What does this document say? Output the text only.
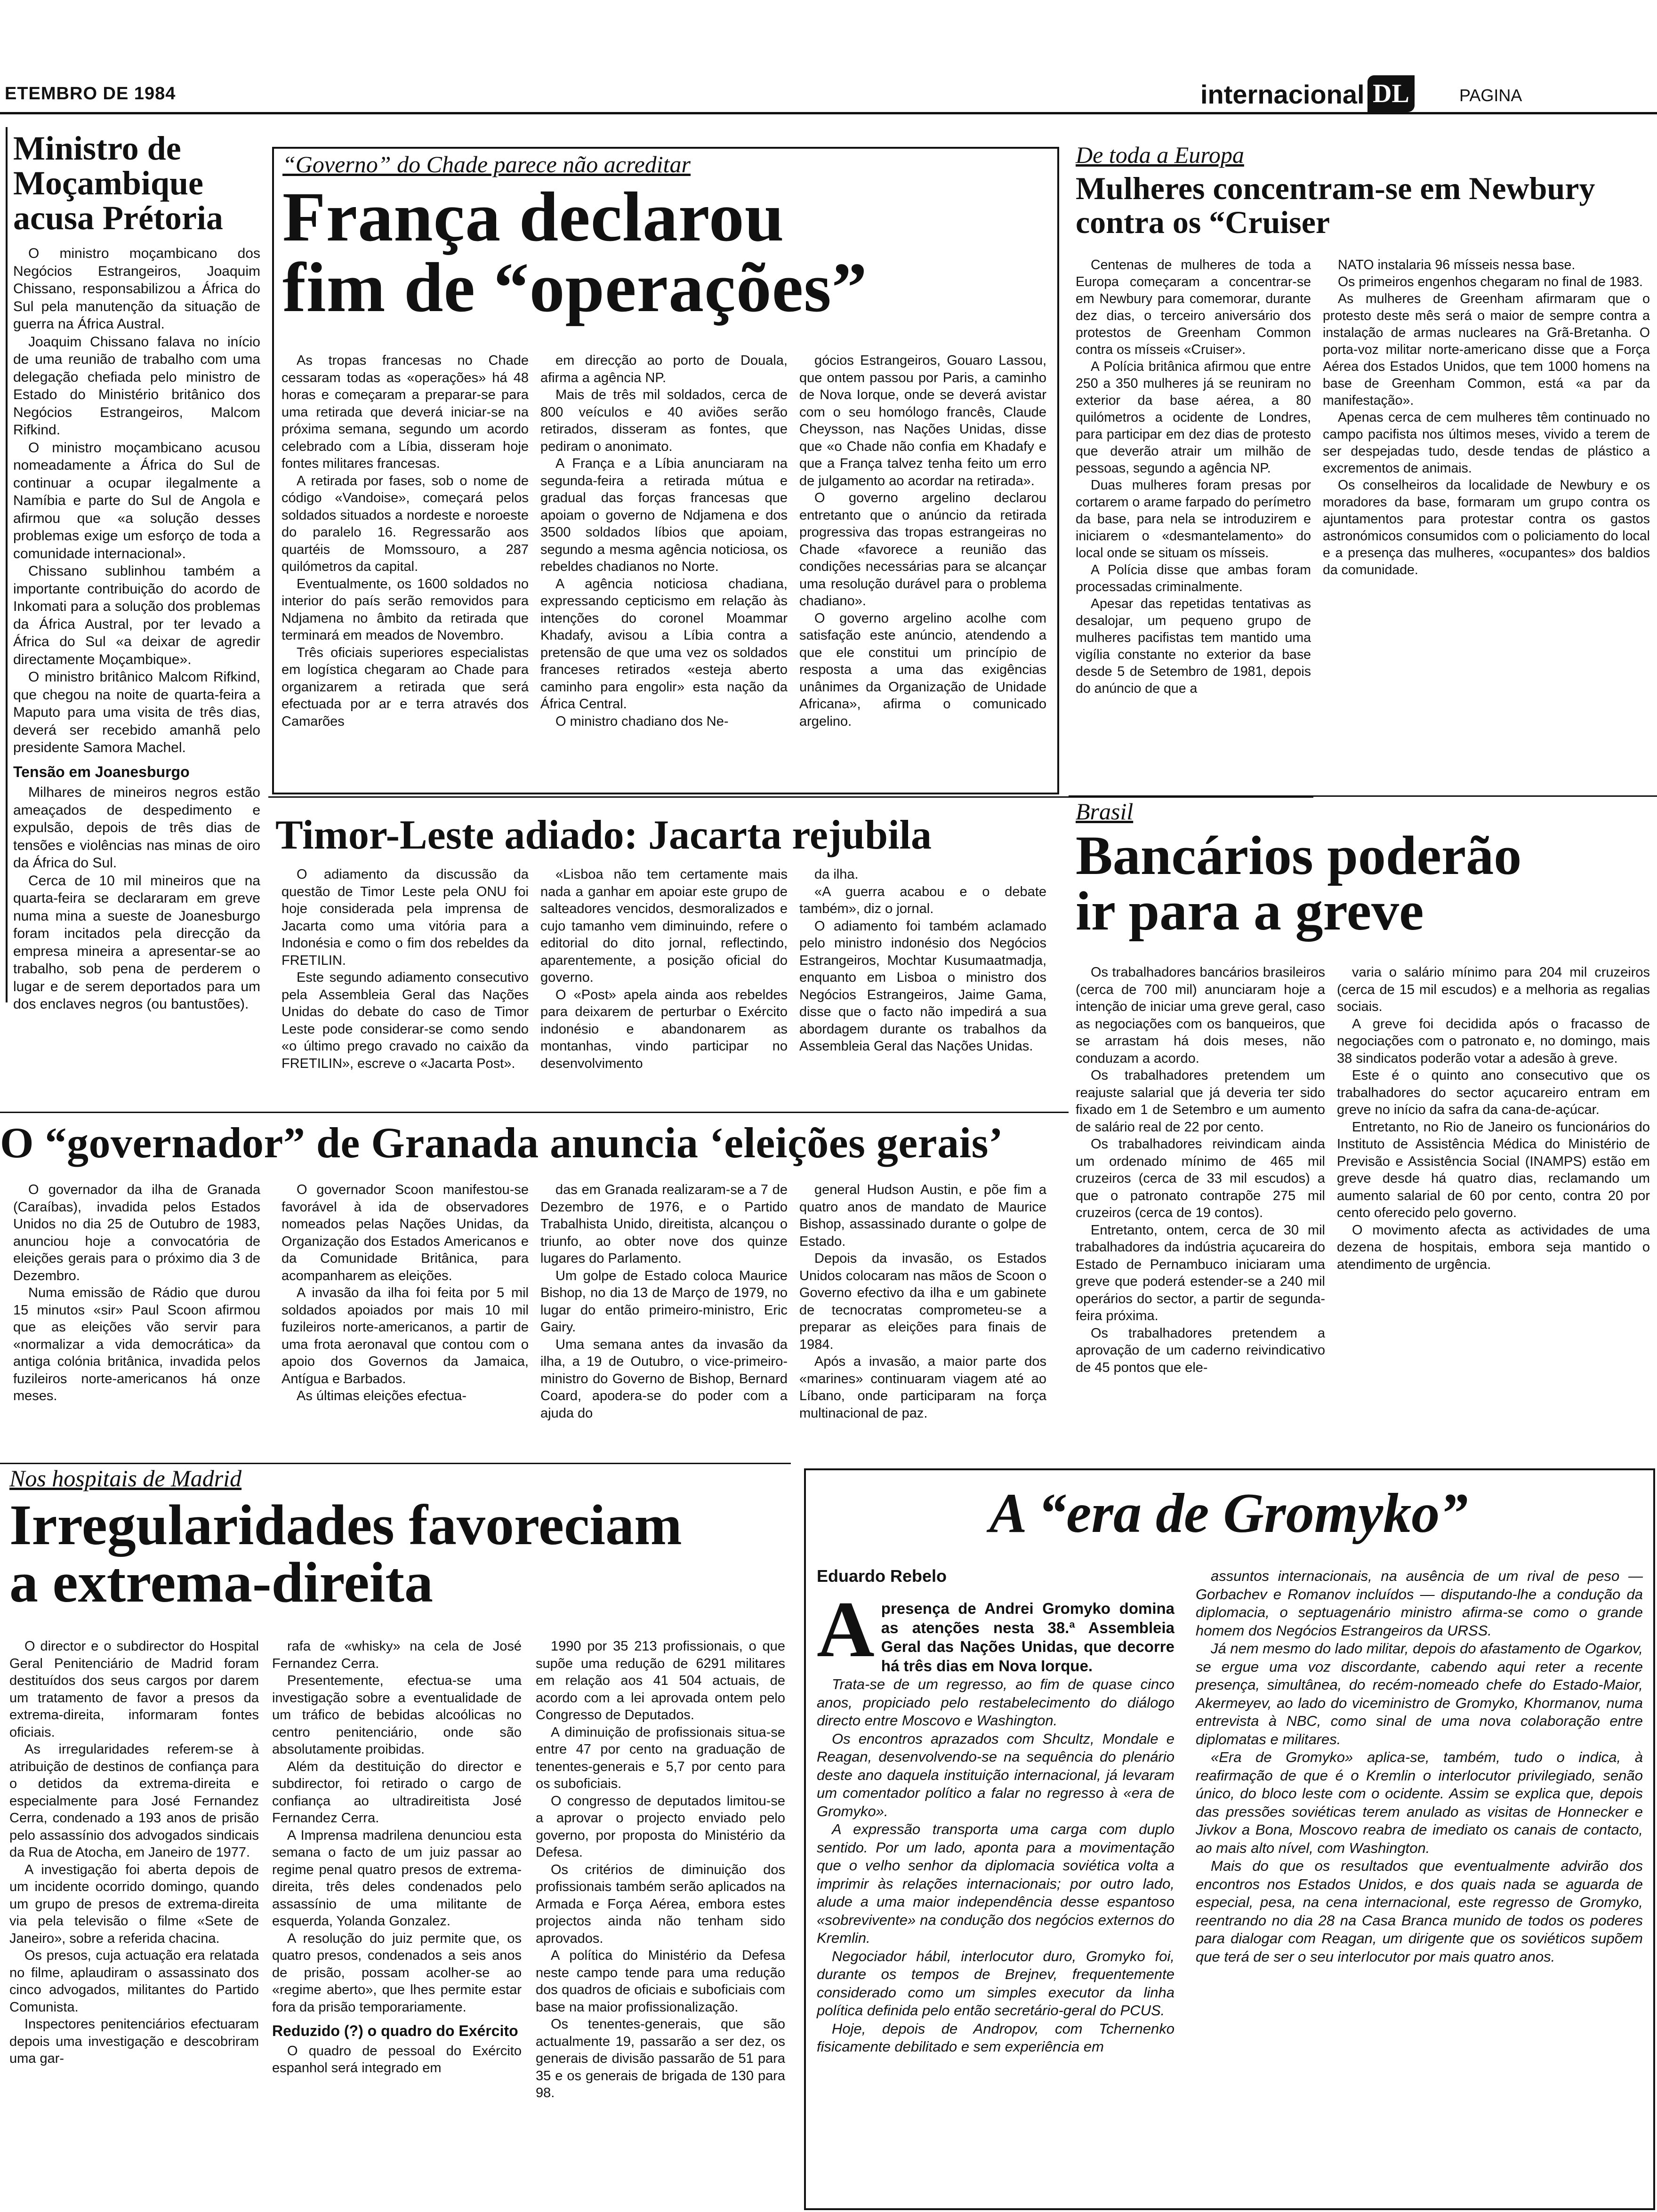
ETEMBRO DE 1984	internacional DL	PAGINA
Ministro de Moçambique acusa Prétoria

O ministro moçambicano dos Negócios Estrangeiros, Joaquim Chissano, responsabilizou a África do Sul pela manutenção da situação de guerra na África Austral.

Joaquim Chissano falava no início de uma reunião de trabalho com uma delegação chefiada pelo ministro de Estado do Ministério britânico dos Negócios Estrangeiros, Malcom Rifkind.

O ministro moçambicano acusou nomeadamente a África do Sul de continuar a ocupar ilegalmente a Namíbia e parte do Sul de Angola e afirmou que «a solução desses problemas exige um esforço de toda a comunidade internacional».

Chissano sublinhou também a importante contribuição do acordo de Inkomati para a solução dos problemas da África Austral, por ter levado a África do Sul «a deixar de agredir directamente Moçambique».

O ministro britânico Malcom Rifkind, que chegou na noite de quarta-feira a Maputo para uma visita de três dias, deverá ser recebido amanhã pelo presidente Samora Machel.

Tensão em Joanesburgo

Milhares de mineiros negros estão ameaçados de despedimento e expulsão, depois de três dias de tensões e violências nas minas de oiro da África do Sul.

Cerca de 10 mil mineiros que na quarta-feira se declararam em greve numa mina a sueste de Joanesburgo foram incitados pela direcção da empresa mineira a apresentar-se ao trabalho, sob pena de perderem o lugar e de serem deportados para um dos enclaves negros (ou bantustões).

“Governo” do Chade parece não acreditar
França declarou
fim de “operações”

As tropas francesas no Chade cessaram todas as «operações» há 48 horas e começaram a preparar-se para uma retirada que deverá iniciar-se na próxima semana, segundo um acordo celebrado com a Líbia, disseram hoje fontes militares francesas.

A retirada por fases, sob o nome de código «Vandoise», começará pelos soldados situados a nordeste e noroeste do paralelo 16. Regressarão aos quartéis de Momssouro, a 287 quilómetros da capital.

Eventualmente, os 1600 soldados no interior do país serão removidos para Ndjamena no âmbito da retirada que terminará em meados de Novembro.

Três oficiais superiores especialistas em logística chegaram ao Chade para organizarem a retirada que será efectuada por ar e terra através dos Camarões

em direcção ao porto de Douala, afirma a agência NP.

Mais de três mil soldados, cerca de 800 veículos e 40 aviões serão retirados, disseram as fontes, que pediram o anonimato.

A França e a Líbia anunciaram na segunda-feira a retirada mútua e gradual das forças francesas que apoiam o governo de Ndjamena e dos 3500 soldados líbios que apoiam, segundo a mesma agência noticiosa, os rebeldes chadianos no Norte.

A agência noticiosa chadiana, expressando cepticismo em relação às intenções do coronel Moammar Khadafy, avisou a Líbia contra a pretensão de que uma vez os soldados franceses retirados «esteja aberto caminho para engolir» esta nação da África Central.

O ministro chadiano dos Ne-

gócios Estrangeiros, Gouaro Lassou, que ontem passou por Paris, a caminho de Nova Iorque, onde se deverá avistar com o seu homólogo francês, Claude Cheysson, nas Nações Unidas, disse que «o Chade não confia em Khadafy e que a França talvez tenha feito um erro de julgamento ao acordar na retirada».

O governo argelino declarou entretanto que o anúncio da retirada progressiva das tropas estrangeiras no Chade «favorece a reunião das condições necessárias para se alcançar uma resolução durável para o problema chadiano».

O governo argelino acolhe com satisfação este anúncio, atendendo a que ele constitui um princípio de resposta a uma das exigências unânimes da Organização de Unidade Africana», afirma o comunicado argelino.

De toda a Europa
Mulheres concentram-se em Newbury contra os “Cruiser

Centenas de mulheres de toda a Europa começaram a concentrar-se em Newbury para comemorar, durante dez dias, o terceiro aniversário dos protestos de Greenham Common contra os mísseis «Cruiser».

A Polícia britânica afirmou que entre 250 a 350 mulheres já se reuniram no exterior da base aérea, a 80 quilómetros a ocidente de Londres, para participar em dez dias de protesto que deverão atrair um milhão de pessoas, segundo a agência NP.

Duas mulheres foram presas por cortarem o arame farpado do perímetro da base, para nela se introduzirem e iniciarem o «desmantelamento» do local onde se situam os mísseis.

A Polícia disse que ambas foram processadas criminalmente.

Apesar das repetidas tentativas as desalojar, um pequeno grupo de mulheres pacifistas tem mantido uma vigília constante no exterior da base desde 5 de Setembro de 1981, depois do anúncio de que a

NATO instalaria 96 mísseis nessa base.

Os primeiros engenhos chegaram no final de 1983.

As mulheres de Greenham afirmaram que o protesto deste mês será o maior de sempre contra a instalação de armas nucleares na Grã-Bretanha. O porta-voz militar norte-americano disse que a Força Aérea dos Estados Unidos, que tem 1000 homens na base de Greenham Common, está «a par da manifestação».

Apenas cerca de cem mulheres têm continuado no campo pacifista nos últimos meses, vivido a terem de ser despejadas tudo, desde tendas de plástico a excrementos de animais.

Os conselheiros da localidade de Newbury e os moradores da base, formaram um grupo contra os ajuntamentos para protestar contra os gastos astronómicos consumidos com o policiamento do local e a presença das mulheres, «ocupantes» dos baldios da comunidade.

Timor-Leste adiado: Jacarta rejubila

O adiamento da discussão da questão de Timor Leste pela ONU foi hoje considerada pela imprensa de Jacarta como uma vitória para a Indonésia e como o fim dos rebeldes da FRETILIN.

Este segundo adiamento consecutivo pela Assembleia Geral das Nações Unidas do debate do caso de Timor Leste pode considerar-se como sendo «o último prego cravado no caixão da FRETILIN», escreve o «Jacarta Post».

«Lisboa não tem certamente mais nada a ganhar em apoiar este grupo de salteadores vencidos, desmoralizados e cujo tamanho vem diminuindo, refere o editorial do dito jornal, reflectindo, aparentemente, a posição oficial do governo.

O «Post» apela ainda aos rebeldes para deixarem de perturbar o Exército indonésio e abandonarem as montanhas, vindo participar no desenvolvimento

da ilha.

«A guerra acabou e o debate também», diz o jornal.

O adiamento foi também aclamado pelo ministro indonésio dos Negócios Estrangeiros, Mochtar Kusumaatmadja, enquanto em Lisboa o ministro dos Negócios Estrangeiros, Jaime Gama, disse que o facto não impedirá a sua abordagem durante os trabalhos da Assembleia Geral das Nações Unidas.

Brasil
Bancários poderão
ir para a greve

Os trabalhadores bancários brasileiros (cerca de 700 mil) anunciaram hoje a intenção de iniciar uma greve geral, caso as negociações com os banqueiros, que se arrastam há dois meses, não conduzam a acordo.

Os trabalhadores pretendem um reajuste salarial que já deveria ter sido fixado em 1 de Setembro e um aumento de salário real de 22 por cento.

Os trabalhadores reivindicam ainda um ordenado mínimo de 465 mil cruzeiros (cerca de 33 mil escudos) a que o patronato contrapõe 275 mil cruzeiros (cerca de 19 contos).

Entretanto, ontem, cerca de 30 mil trabalhadores da indústria açucareira do Estado de Pernambuco iniciaram uma greve que poderá estender-se a 240 mil operários do sector, a partir de segunda-feira próxima.

Os trabalhadores pretendem a aprovação de um caderno reivindicativo de 45 pontos que ele-

varia o salário mínimo para 204 mil cruzeiros (cerca de 15 mil escudos) e a melhoria as regalias sociais.

A greve foi decidida após o fracasso de negociações com o patronato e, no domingo, mais 38 sindicatos poderão votar a adesão à greve.

Este é o quinto ano consecutivo que os trabalhadores do sector açucareiro entram em greve no início da safra da cana-de-açúcar.

Entretanto, no Rio de Janeiro os funcionários do Instituto de Assistência Médica do Ministério de Previsão e Assistência Social (INAMPS) estão em greve desde há quatro dias, reclamando um aumento salarial de 60 por cento, contra 20 por cento oferecido pelo governo.

O movimento afecta as actividades de uma dezena de hospitais, embora seja mantido o atendimento de urgência.

O “governador” de Granada anuncia ‘eleições gerais’

O governador da ilha de Granada (Caraíbas), invadida pelos Estados Unidos no dia 25 de Outubro de 1983, anunciou hoje a convocatória de eleições gerais para o próximo dia 3 de Dezembro.

Numa emissão de Rádio que durou 15 minutos «sir» Paul Scoon afirmou que as eleições vão servir para «normalizar a vida democrática» da antiga colónia britânica, invadida pelos fuzileiros norte-americanos há onze meses.

O governador Scoon manifestou-se favorável à ida de observadores nomeados pelas Nações Unidas, da Organização dos Estados Americanos e da Comunidade Britânica, para acompanharem as eleições.

A invasão da ilha foi feita por 5 mil soldados apoiados por mais 10 mil fuzileiros norte-americanos, a partir de uma frota aeronaval que contou com o apoio dos Governos da Jamaica, Antígua e Barbados.

As últimas eleições efectua-

das em Granada realizaram-se a 7 de Dezembro de 1976, e o Partido Trabalhista Unido, direitista, alcançou o triunfo, ao obter nove dos quinze lugares do Parlamento.

Um golpe de Estado coloca Maurice Bishop, no dia 13 de Março de 1979, no lugar do então primeiro-ministro, Eric Gairy.

Uma semana antes da invasão da ilha, a 19 de Outubro, o vice-primeiro-ministro do Governo de Bishop, Bernard Coard, apodera-se do poder com a ajuda do

general Hudson Austin, e põe fim a quatro anos de mandato de Maurice Bishop, assassinado durante o golpe de Estado.

Depois da invasão, os Estados Unidos colocaram nas mãos de Scoon o Governo efectivo da ilha e um gabinete de tecnocratas comprometeu-se a preparar as eleições para finais de 1984.

Após a invasão, a maior parte dos «marines» continuaram viagem até ao Líbano, onde participaram na força multinacional de paz.

Nos hospitais de Madrid
Irregularidades favoreciam
a extrema-direita

O director e o subdirector do Hospital Geral Penitenciário de Madrid foram destituídos dos seus cargos por darem um tratamento de favor a presos da extrema-direita, informaram fontes oficiais.

As irregularidades referem-se à atribuição de destinos de confiança para o detidos da extrema-direita e especialmente para José Fernandez Cerra, condenado a 193 anos de prisão pelo assassínio dos advogados sindicais da Rua de Atocha, em Janeiro de 1977.

A investigação foi aberta depois de um incidente ocorrido domingo, quando um grupo de presos de extrema-direita via pela televisão o filme «Sete de Janeiro», sobre a referida chacina.

Os presos, cuja actuação era relatada no filme, aplaudiram o assassinato dos cinco advogados, militantes do Partido Comunista.

Inspectores penitenciários efectuaram depois uma investigação e descobriram uma gar-

rafa de «whisky» na cela de José Fernandez Cerra.

Presentemente, efectua-se uma investigação sobre a eventualidade de um tráfico de bebidas alcoólicas no centro penitenciário, onde são absolutamente proibidas.

Além da destituição do director e subdirector, foi retirado o cargo de confiança ao ultradireitista José Fernandez Cerra.

A Imprensa madrilena denunciou esta semana o facto de um juiz passar ao regime penal quatro presos de extrema-direita, três deles condenados pelo assassínio de uma militante de esquerda, Yolanda Gonzalez.

A resolução do juiz permite que, os quatro presos, condenados a seis anos de prisão, possam acolher-se ao «regime aberto», que lhes permite estar fora da prisão temporariamente.

Reduzido (?) o quadro do Exército

O quadro de pessoal do Exército espanhol será integrado em

1990 por 35 213 profissionais, o que supõe uma redução de 6291 militares em relação aos 41 504 actuais, de acordo com a lei aprovada ontem pelo Congresso de Deputados.

A diminuição de profissionais situa-se entre 47 por cento na graduação de tenentes-generais e 5,7 por cento para os suboficiais.

O congresso de deputados limitou-se a aprovar o projecto enviado pelo governo, por proposta do Ministério da Defesa.

Os critérios de diminuição dos profissionais também serão aplicados na Armada e Força Aérea, embora estes projectos ainda não tenham sido aprovados.

A política do Ministério da Defesa neste campo tende para uma redução dos quadros de oficiais e suboficiais com base na maior profissionalização.

Os tenentes-generais, que são actualmente 19, passarão a ser dez, os generais de divisão passarão de 51 para 35 e os generais de brigada de 130 para 98.

A “era de Gromyko”
Eduardo Rebelo
A presença de Andrei Gromyko domina as atenções nesta 38.ª Assembleia Geral das Nações Unidas, que decorre há três dias em Nova Iorque.

Trata-se de um regresso, ao fim de quase cinco anos, propiciado pelo restabelecimento do diálogo directo entre Moscovo e Washington.

Os encontros aprazados com Shcultz, Mondale e Reagan, desenvolvendo-se na sequência do plenário deste ano daquela instituição internacional, já levaram um comentador político a falar no regresso à «era de Gromyko».

A expressão transporta uma carga com duplo sentido. Por um lado, aponta para a movimentação que o velho senhor da diplomacia soviética volta a imprimir às relações internacionais; por outro lado, alude a uma maior independência desse espantoso «sobrevivente» na condução dos negócios externos do Kremlin.

Negociador hábil, interlocutor duro, Gromyko foi, durante os tempos de Brejnev, frequentemente considerado como um simples executor da linha política definida pelo então secretário-geral do PCUS.

Hoje, depois de Andropov, com Tchernenko fisicamente debilitado e sem experiência em

assuntos internacionais, na ausência de um rival de peso — Gorbachev e Romanov incluídos — disputando-lhe a condução da diplomacia, o septuagenário ministro afirma-se como o grande homem dos Negócios Estrangeiros da URSS.

Já nem mesmo do lado militar, depois do afastamento de Ogarkov, se ergue uma voz discordante, cabendo aqui reter a recente presença, simultânea, do recém-nomeado chefe do Estado-Maior, Akermeyev, ao lado do viceministro de Gromyko, Khormanov, numa entrevista à NBC, como sinal de uma nova colaboração entre diplomatas e militares.

«Era de Gromyko» aplica-se, também, tudo o indica, à reafirmação de que é o Kremlin o interlocutor privilegiado, senão único, do bloco leste com o ocidente. Assim se explica que, depois das pressões soviéticas terem anulado as visitas de Honnecker e Jivkov a Bona, Moscovo reabra de imediato os canais de contacto, ao mais alto nível, com Washington.

Mais do que os resultados que eventualmente advirão dos encontros nos Estados Unidos, e dos quais nada se aguarda de especial, pesa, na cena internacional, este regresso de Gromyko, reentrando no dia 28 na Casa Branca munido de todos os poderes para dialogar com Reagan, um dirigente que os soviéticos supõem que terá de ser o seu interlocutor por mais quatro anos.
